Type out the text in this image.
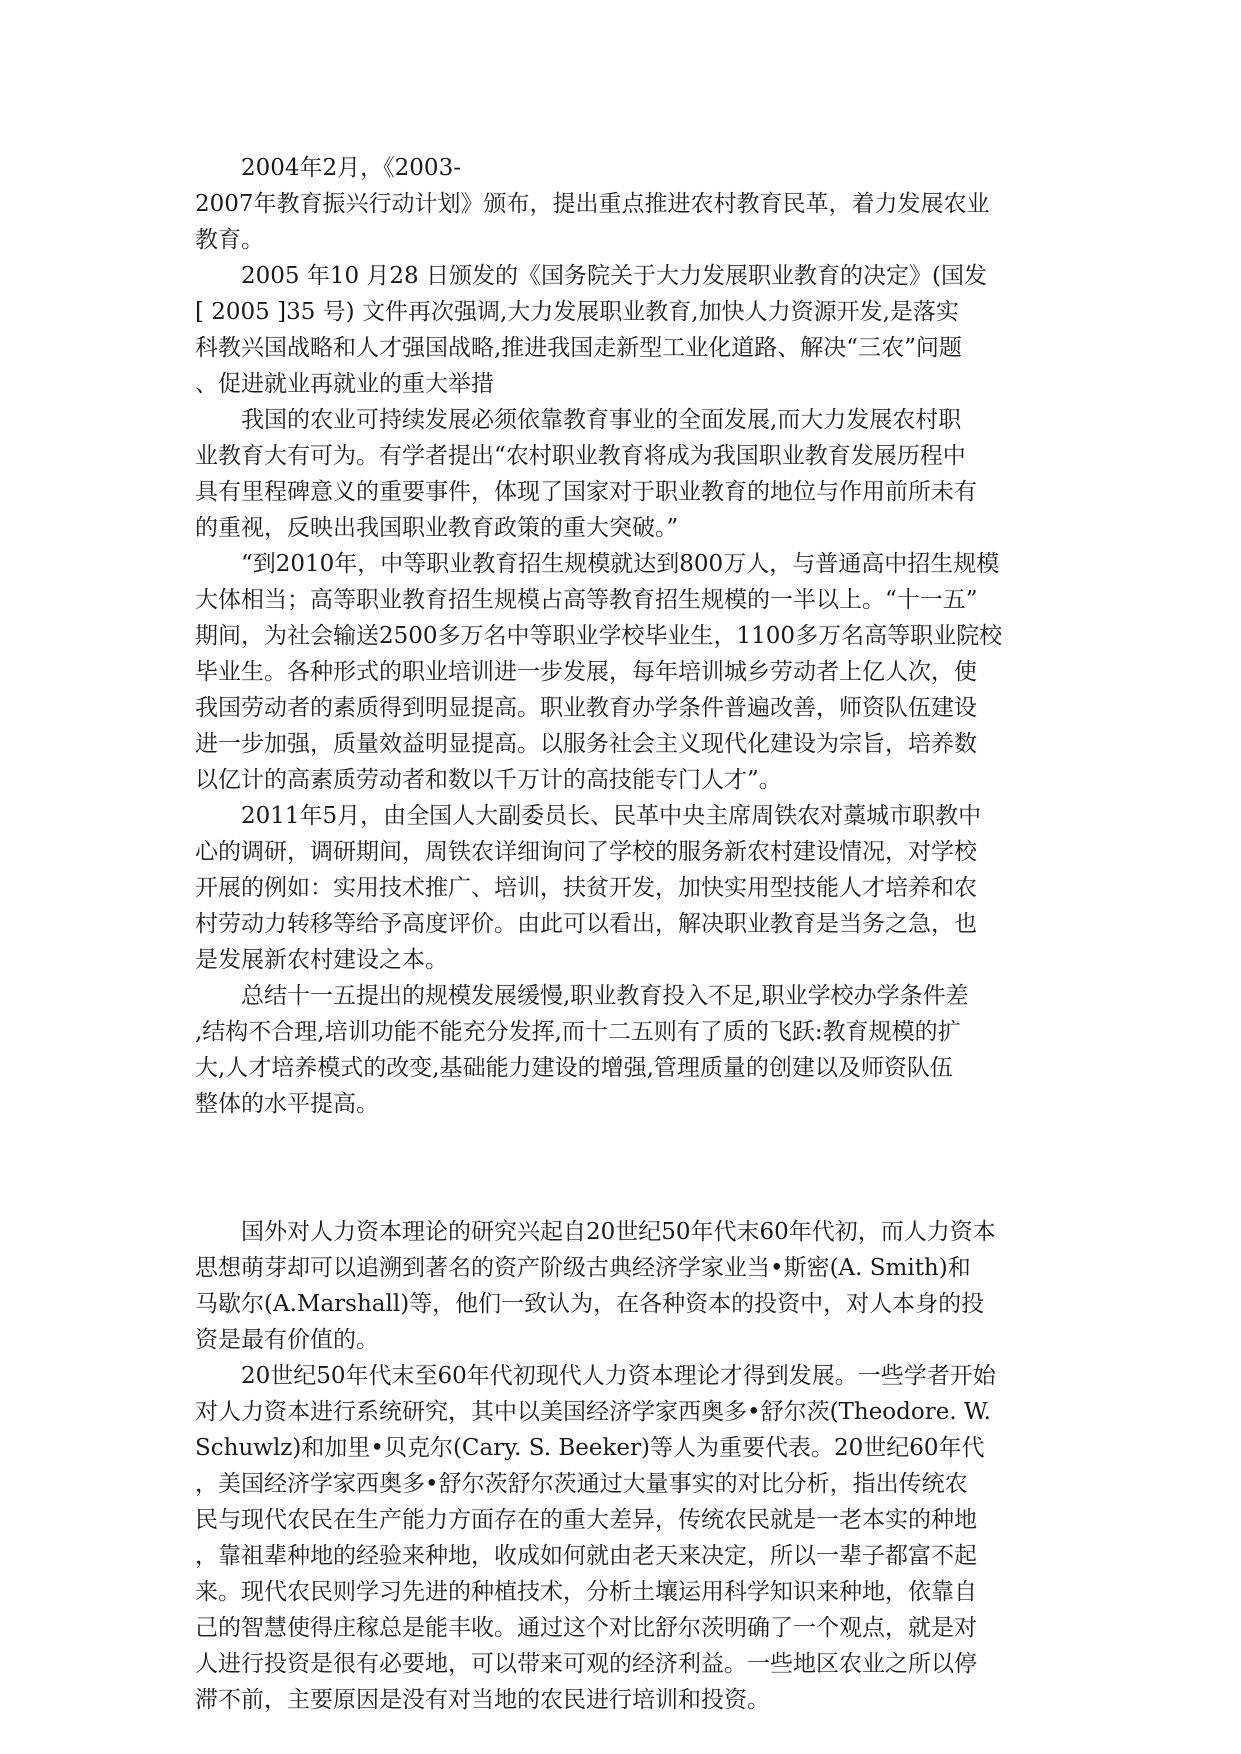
2004年2月，《2003-

2007年教育振兴行动计划》颁布，提出重点推进农村教育民革，着力发展农业

教育。

2005 年10 月28 日颁发的《国务院关于大力发展职业教育的决定》(国发

[ 2005 ]35 号) 文件再次强调,大力发展职业教育,加快人力资源开发,是落实

科教兴国战略和人才强国战略,推进我国走新型工业化道路、解决“三农”问题

、促进就业再就业的重大举措

我国的农业可持续发展必须依靠教育事业的全面发展,而大力发展农村职

业教育大有可为。有学者提出“农村职业教育将成为我国职业教育发展历程中

具有里程碑意义的重要事件，体现了国家对于职业教育的地位与作用前所未有

的重视，反映出我国职业教育政策的重大突破。”

“到2010年，中等职业教育招生规模就达到800万人，与普通高中招生规模

大体相当；高等职业教育招生规模占高等教育招生规模的一半以上。“十一五”

期间，为社会输送2500多万名中等职业学校毕业生，1100多万名高等职业院校

毕业生。各种形式的职业培训进一步发展，每年培训城乡劳动者上亿人次，使

我国劳动者的素质得到明显提高。职业教育办学条件普遍改善，师资队伍建设

进一步加强，质量效益明显提高。以服务社会主义现代化建设为宗旨，培养数

以亿计的高素质劳动者和数以千万计的高技能专门人才”。

2011年5月，由全国人大副委员长、民革中央主席周铁农对藁城市职教中

心的调研，调研期间，周铁农详细询问了学校的服务新农村建设情况，对学校

开展的例如：实用技术推广、培训，扶贫开发，加快实用型技能人才培养和农

村劳动力转移等给予高度评价。由此可以看出，解决职业教育是当务之急，也

是发展新农村建设之本。

总结十一五提出的规模发展缓慢,职业教育投入不足,职业学校办学条件差

,结构不合理,培训功能不能充分发挥,而十二五则有了质的飞跃:教育规模的扩

大,人才培养模式的改变,基础能力建设的增强,管理质量的创建以及师资队伍

整体的水平提高。

国外对人力资本理论的研究兴起自20世纪50年代末60年代初，而人力资本

思想萌芽却可以追溯到著名的资产阶级古典经济学家业当•斯密(A. Smith)和

马歇尔(A.Marshall)等，他们一致认为，在各种资本的投资中，对人本身的投

资是最有价值的。

20世纪50年代末至60年代初现代人力资本理论才得到发展。一些学者开始

对人力资本进行系统研究，其中以美国经济学家西奥多•舒尔茨(Theodore. W.

Schuwlz)和加里•贝克尔(Cary. S. Beeker)等人为重要代表。20世纪60年代

，美国经济学家西奥多•舒尔茨舒尔茨通过大量事实的对比分析，指出传统农

民与现代农民在生产能力方面存在的重大差异，传统农民就是一老本实的种地

，靠祖辈种地的经验来种地，收成如何就由老天来决定，所以一辈子都富不起

来。现代农民则学习先进的种植技术，分析土壤运用科学知识来种地，依靠自

己的智慧使得庄稼总是能丰收。通过这个对比舒尔茨明确了一个观点，就是对

人进行投资是很有必要地，可以带来可观的经济利益。一些地区农业之所以停

滞不前，主要原因是没有对当地的农民进行培训和投资。
